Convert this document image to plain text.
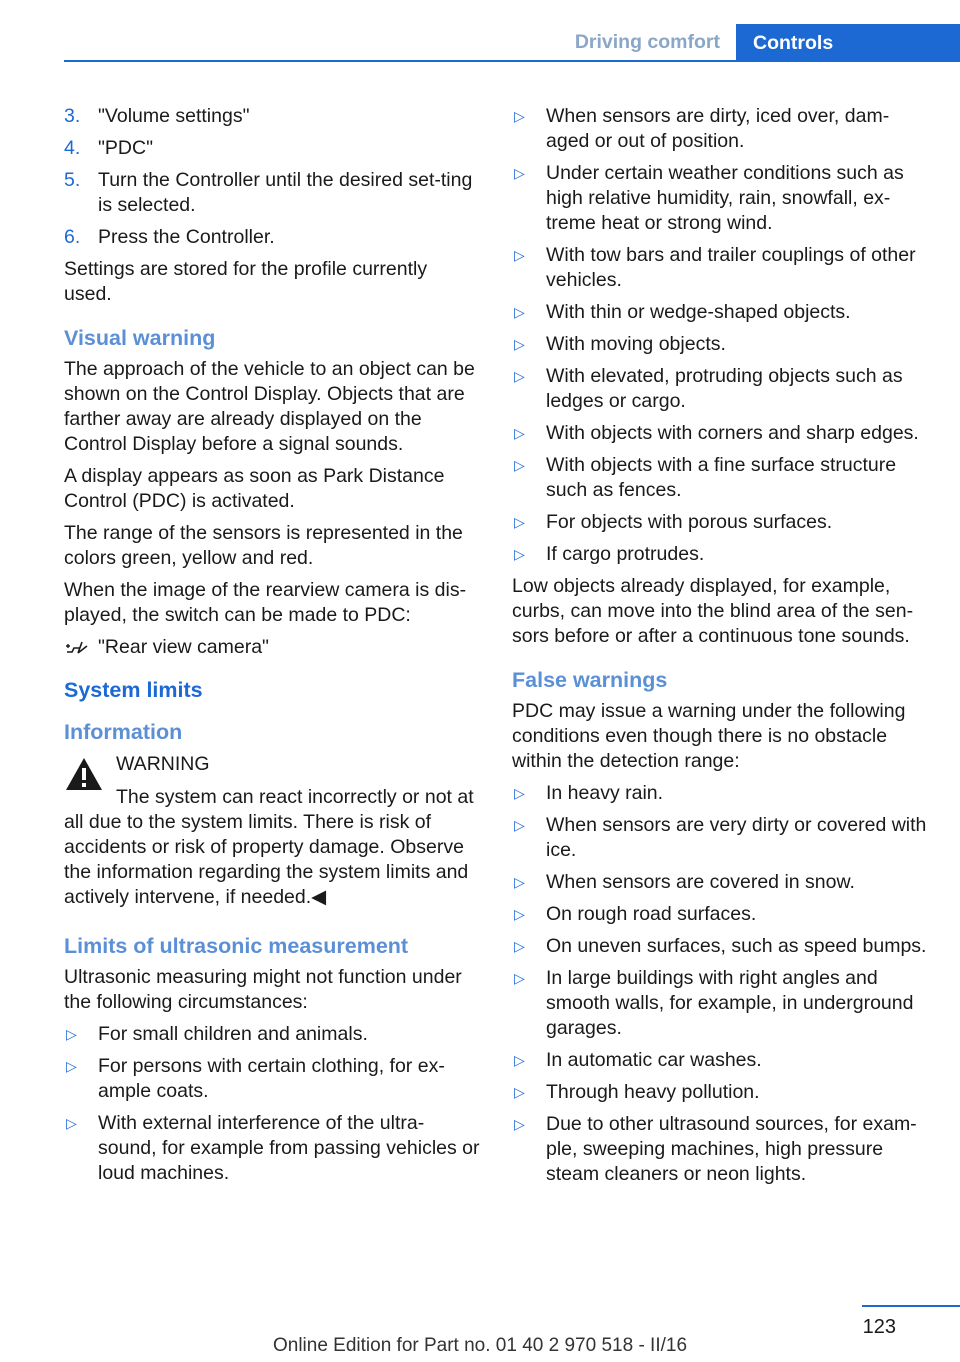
Driving comfort	Controls
3. "Volume settings"
4. "PDC"
5. Turn the Controller until the desired set‐ting is selected.
6. Press the Controller.

Settings are stored for the profile currently used.

Visual warning

The approach of the vehicle to an object can be shown on the Control Display. Objects that are farther away are already displayed on the Control Display before a signal sounds.

A display appears as soon as Park Distance Control (PDC) is activated.

The range of the sensors is represented in the colors green, yellow and red.

When the image of the rearview camera is dis‐played, the switch can be made to PDC:

"Rear view camera"
System limits
Information

WARNING

The system can react incorrectly or not at all due to the system limits. There is risk of accidents or risk of property damage. Observe the information regarding the system limits and actively intervene, if needed.◀

Limits of ultrasonic measurement

Ultrasonic measuring might not function under the following circumstances:

▷ For small children and animals.
▷ For persons with certain clothing, for ex‐ample coats.
▷ With external interference of the ultra‐sound, for example from passing vehicles or loud machines.
▷ When sensors are dirty, iced over, dam‐aged or out of position.
▷ Under certain weather conditions such as high relative humidity, rain, snowfall, ex‐treme heat or strong wind.
▷ With tow bars and trailer couplings of other vehicles.
▷ With thin or wedge-shaped objects.
▷ With moving objects.
▷ With elevated, protruding objects such as ledges or cargo.
▷ With objects with corners and sharp edges.
▷ With objects with a fine surface structure such as fences.
▷ For objects with porous surfaces.
▷ If cargo protrudes.

Low objects already displayed, for example, curbs, can move into the blind area of the sen‐sors before or after a continuous tone sounds.

False warnings

PDC may issue a warning under the following conditions even though there is no obstacle within the detection range:

▷ In heavy rain.
▷ When sensors are very dirty or covered with ice.
▷ When sensors are covered in snow.
▷ On rough road surfaces.
▷ On uneven surfaces, such as speed bumps.
▷ In large buildings with right angles and smooth walls, for example, in underground garages.
▷ In automatic car washes.
▷ Through heavy pollution.
▷ Due to other ultrasound sources, for exam‐ple, sweeping machines, high pressure steam cleaners or neon lights.
123
Online Edition for Part no. 01 40 2 970 518 - II/16
